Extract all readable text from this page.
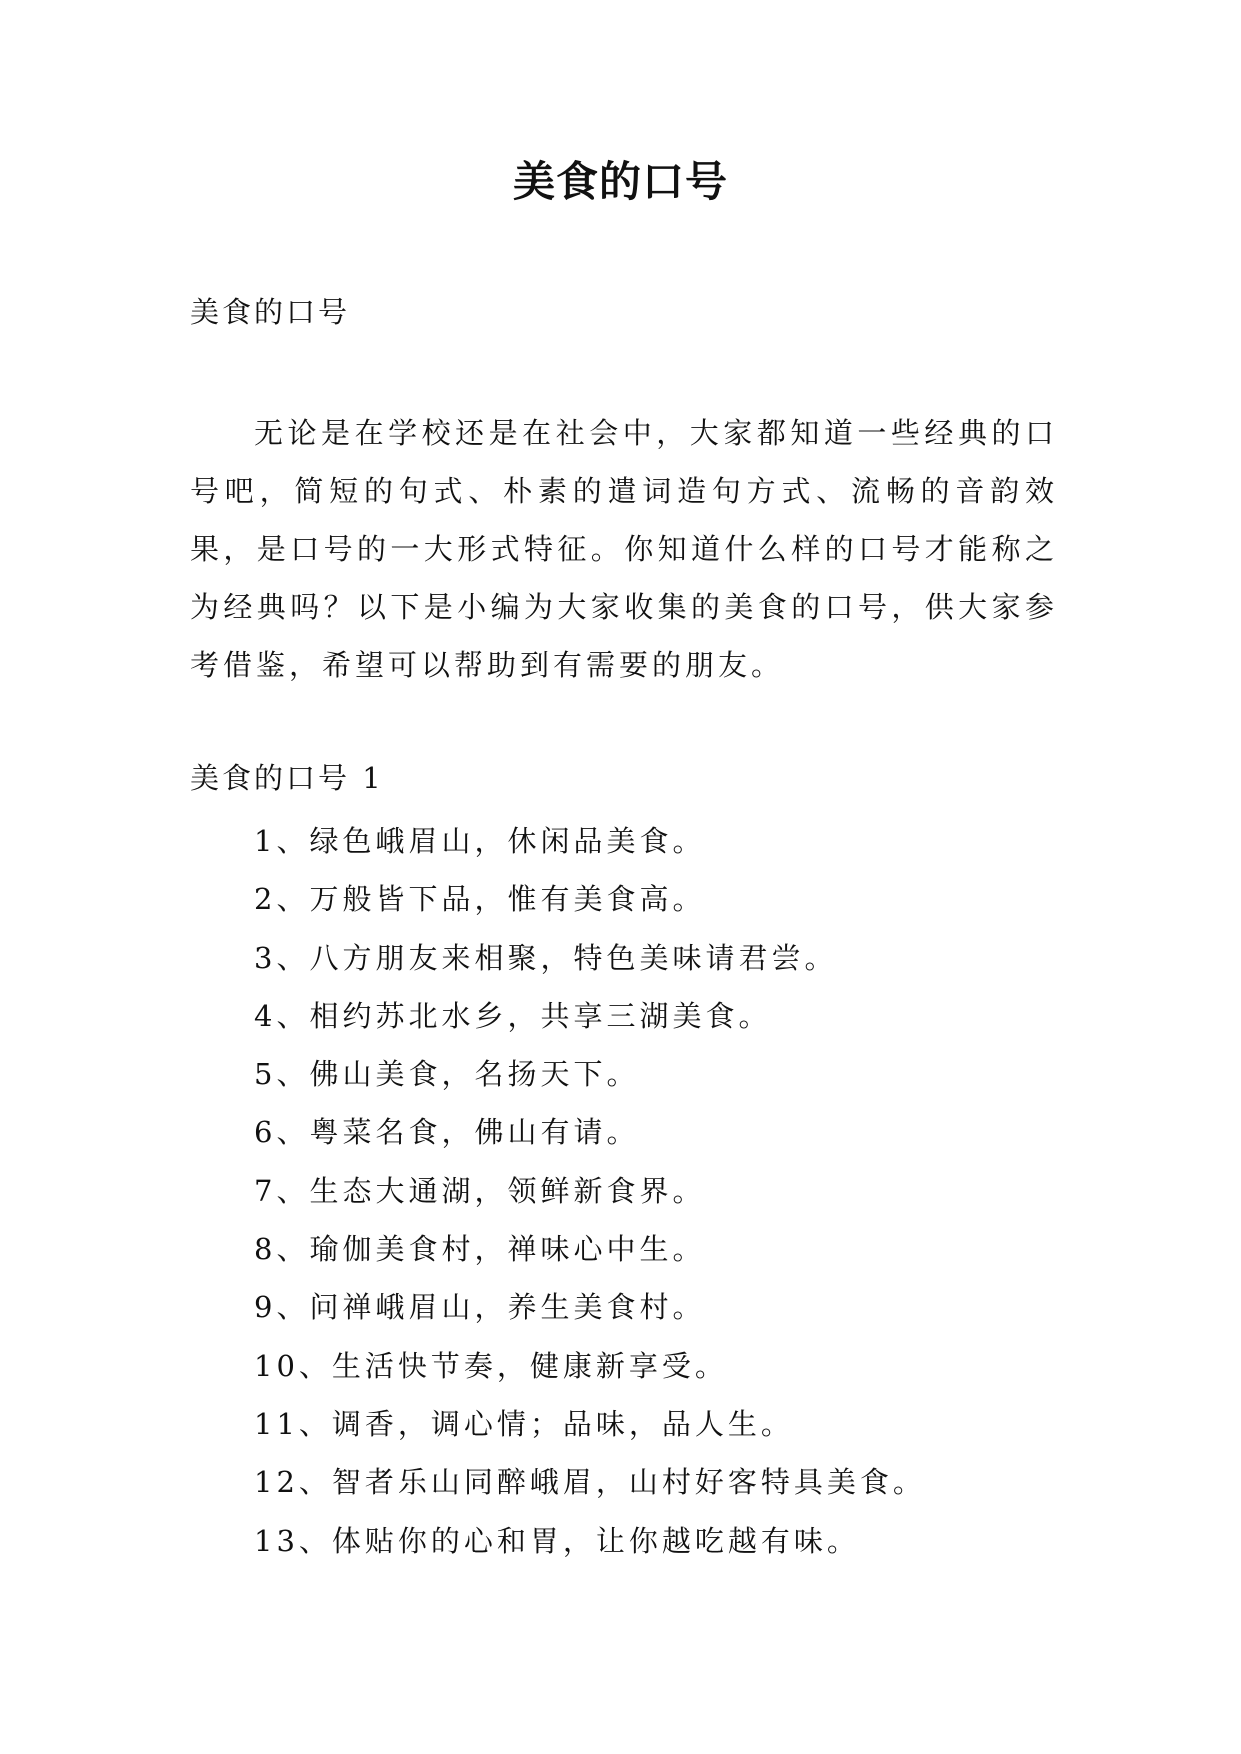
美食的口号
美食的口号

无论是在学校还是在社会中，大家都知道一些经典的口号吧，简短的句式、朴素的遣词造句方式、流畅的音韵效果，是口号的一大形式特征。你知道什么样的口号才能称之为经典吗？以下是小编为大家收集的美食的口号，供大家参考借鉴，希望可以帮助到有需要的朋友。

美食的口号 1
1、绿色峨眉山，休闲品美食。
2、万般皆下品，惟有美食高。
3、八方朋友来相聚，特色美味请君尝。
4、相约苏北水乡，共享三湖美食。
5、佛山美食，名扬天下。
6、粤菜名食，佛山有请。
7、生态大通湖，领鲜新食界。
8、瑜伽美食村，禅味心中生。
9、问禅峨眉山，养生美食村。
10、生活快节奏，健康新享受。
11、调香，调心情；品味，品人生。
12、智者乐山同醉峨眉，山村好客特具美食。
13、体贴你的心和胃，让你越吃越有味。
